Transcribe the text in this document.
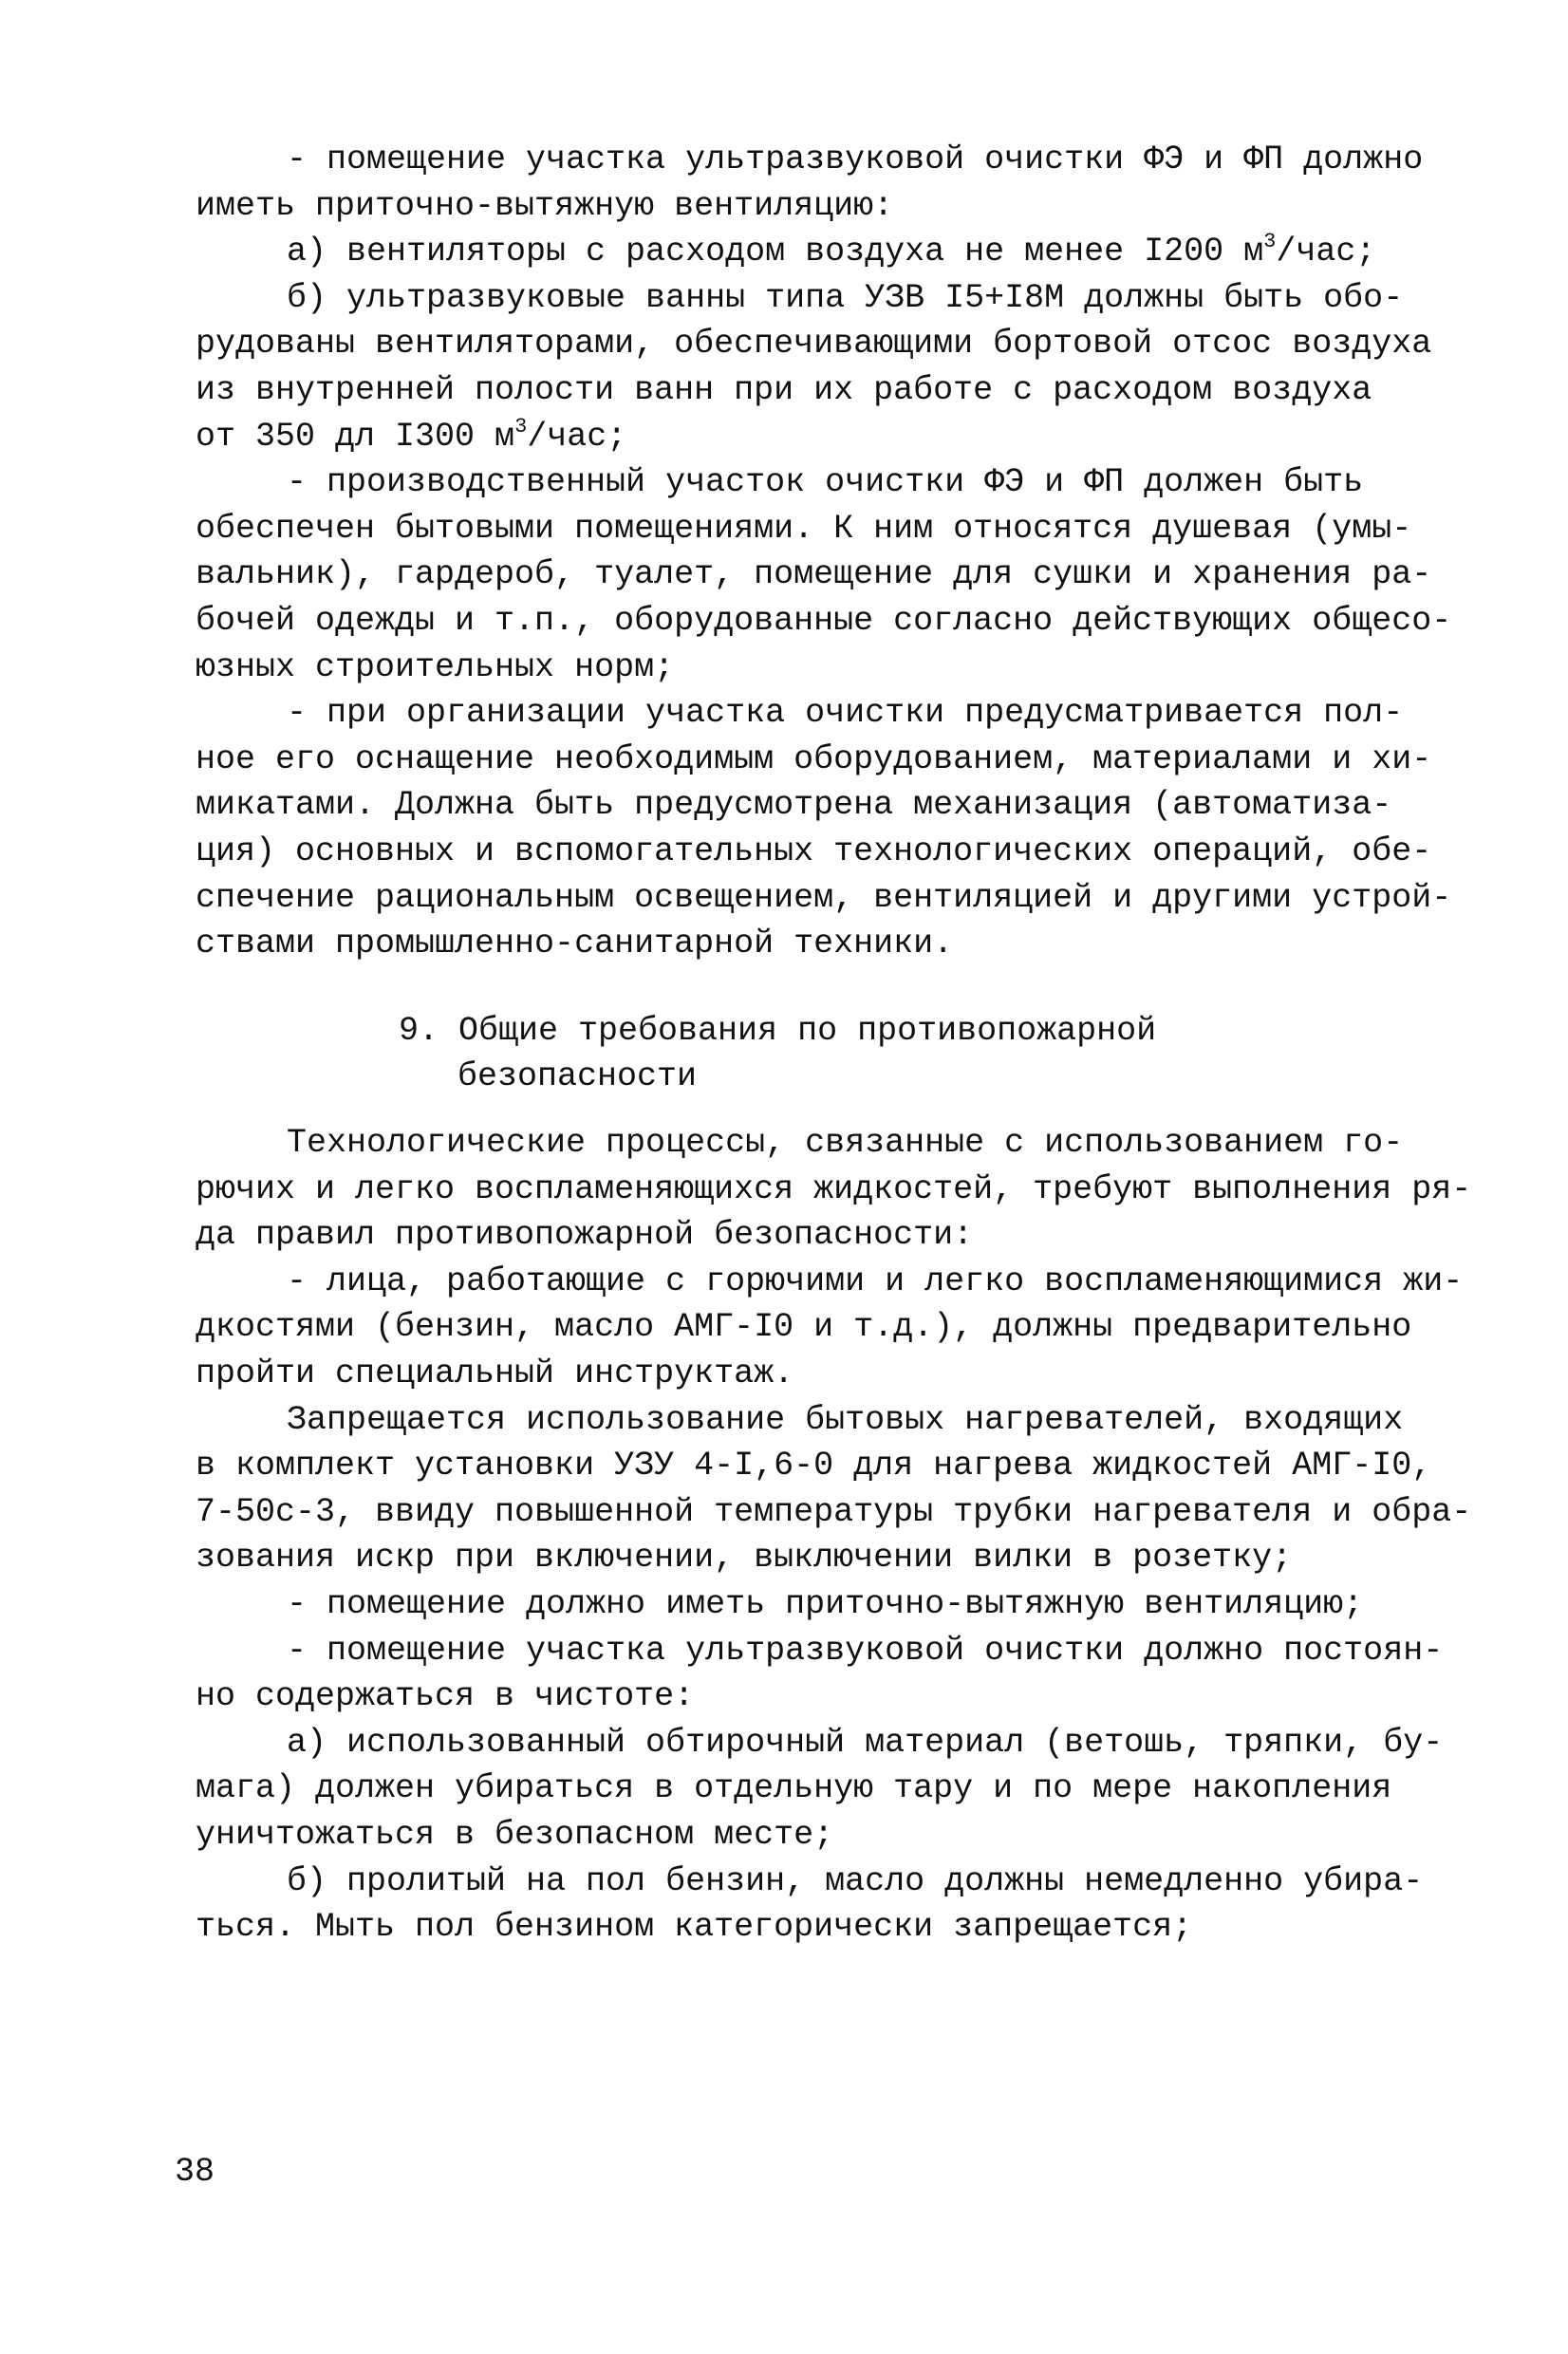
- помещение участка ультразвуковой очистки ФЭ и ФП должно
иметь приточно-вытяжную вентиляцию:
а) вентиляторы с расходом воздуха не менее I200 $м^3$/час;
б) ультразвуковые ванны типа УЗВ I5+I8М должны быть обо-
рудованы вентиляторами, обеспечивающими бортовой отсос воздуха
из внутренней полости ванн при их работе с расходом воздуха
от 350 дл I300 $м^3$/час;
- производственный участок очистки ФЭ и ФП должен быть
обеспечен бытовыми помещениями. К ним относятся душевая (умы-
вальник), гардероб, туалет, помещение для сушки и хранения ра-
бочей одежды и т.п., оборудованные согласно действующих общесо-
юзных строительных норм;
- при организации участка очистки предусматривается пол-
ное его оснащение необходимым оборудованием, материалами и хи-
микатами. Должна быть предусмотрена механизация (автоматиза-
ция) основных и вспомогательных технологических операций, обе-
спечение рациональным освещением, вентиляцией и другими устрой-
ствами промышленно-санитарной техники.
9. Общие требования по противопожарной
безопасности
Технологические процессы, связанные с использованием го-
рючих и легко воспламеняющихся жидкостей, требуют выполнения ря-
да правил противопожарной безопасности:
- лица, работающие с горючими и легко воспламеняющимися жи-
дкостями (бензин, масло АМГ-I0 и т.д.), должны предварительно
пройти специальный инструктаж.
Запрещается использование бытовых нагревателей, входящих
в комплект установки УЗУ 4-I,6-0 для нагрева жидкостей АМГ-I0,
7-50с-3, ввиду повышенной температуры трубки нагревателя и обра-
зования искр при включении, выключении вилки в розетку;
- помещение должно иметь приточно-вытяжную вентиляцию;
- помещение участка ультразвуковой очистки должно постоян-
но содержаться в чистоте:
а) использованный обтирочный материал (ветошь, тряпки, бу-
мага) должен убираться в отдельную тару и по мере накопления
уничтожаться в безопасном месте;
б) пролитый на пол бензин, масло должны немедленно убира-
ться. Мыть пол бензином категорически запрещается;
38
